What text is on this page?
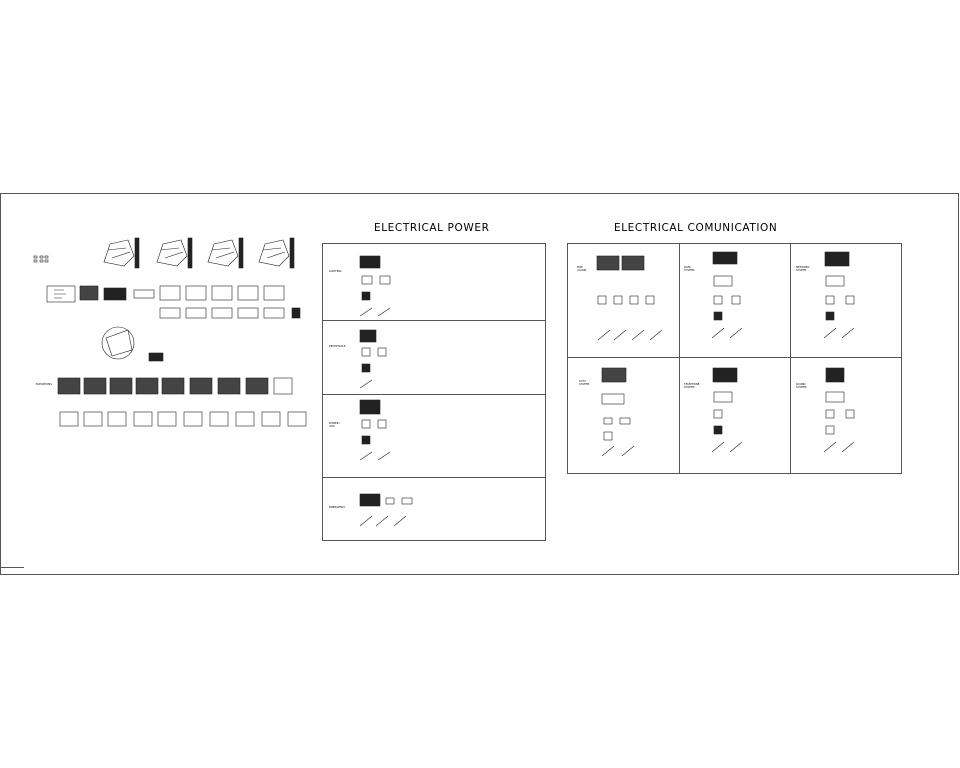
ELECTRICAL POWER	ELECTRICAL COMUNICATION
LIGHTING
RECEPTACLE
POWER / AHU
EMERGENCY
FIRE ALARM
DATA SYSTEM
NETWORK SYSTEM
CCTV SYSTEM	TELEPHONE SYSTEM
SOUND SYSTEM
ELEVATIONS
